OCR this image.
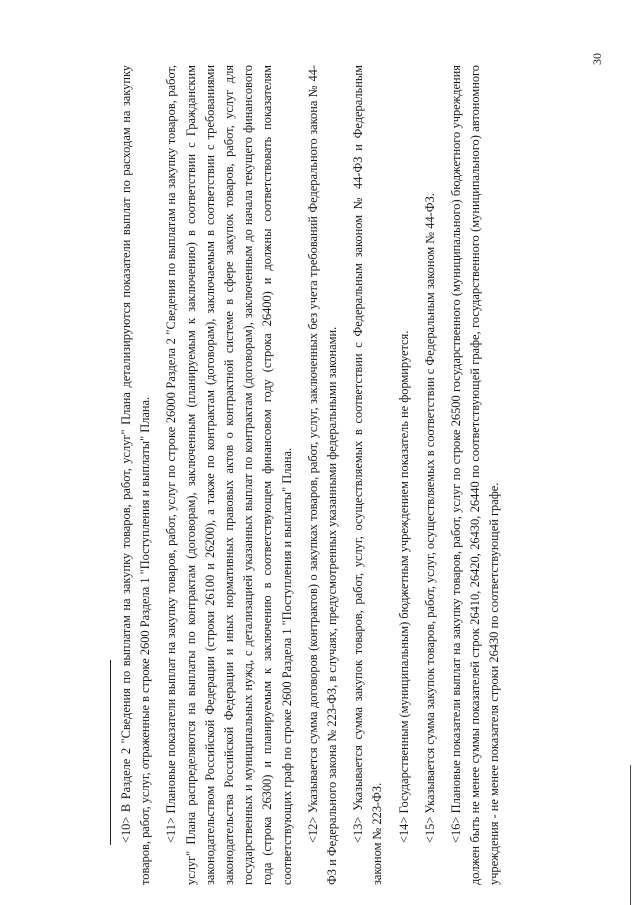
<10> В Разделе 2 "Сведения по выплатам на закупку товаров, работ, услуг" Плана детализируются показатели выплат по расходам на закупку товаров, работ, услуг, отраженные в строке 2600 Раздела 1 "Поступления и выплаты" Плана. <11> Плановые показатели выплат на закупку товаров, работ, услуг по строке 26000 Раздела 2 "Сведения по выплатам на закупку товаров, работ, услуг" Плана распределяются на выплаты по контрактам (договорам), заключенным (планируемым к заключению) в соответствии с Гражданским законодательством Российской Федерации (строки 26100 и 26200), а также по контрактам (договорам), заключаемым в соответствии с требованиями законодательства Российской Федерации и иных нормативных правовых актов о контрактной системе в сфере закупок товаров, работ, услуг для государственных и муниципальных нужд, с детализацией указанных выплат по контрактам (договорам), заключенным до начала текущего финансового года (строка 26300) и планируемым к заключению в соответствующем финансовом году (строка 26400) и должны соответствовать показателям соответствующих граф по строке 2600 Раздела 1 "Поступления и выплаты" Плана. <12> Указывается сумма договоров (контрактов) о закупках товаров, работ, услуг, заключенных без учета требований Федерального закона № 44-ФЗ и Федерального закона № 223-ФЗ, в случаях, предусмотренных указанными федеральными законами. <13> Указывается сумма закупок товаров, работ, услуг, осуществляемых в соответствии с Федеральным законом № 44-ФЗ и Федеральным законом № 223-ФЗ. <14> Государственным (муниципальным) бюджетным учреждением показатель не формируется. <15> Указывается сумма закупок товаров, работ, услуг, осуществляемых в соответствии с Федеральным законом № 44-ФЗ. <16> Плановые показатели выплат на закупку товаров, работ, услуг по строке 26500 государственного (муниципального) бюджетного учреждения должен быть не менее суммы показателей строк 26410, 26420, 26430, 26440 по соответствующей графе, государственного (муниципального) автономного учреждения - не менее показателя строки 26430 по соответствующей графе.

30
